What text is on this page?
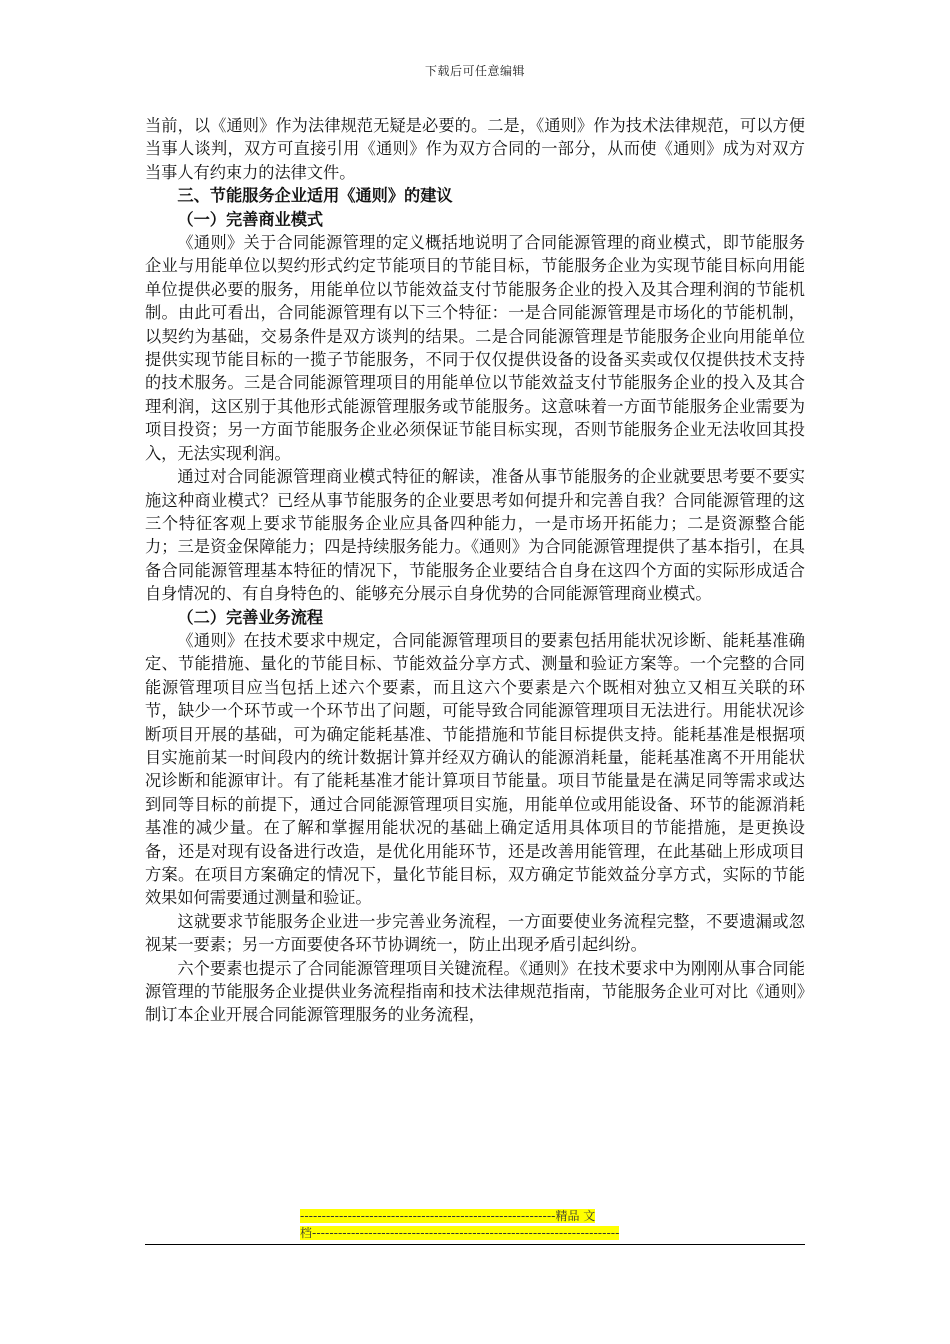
下载后可任意编辑

当前，以《通则》作为法律规范无疑是必要的。二是，《通则》作为技术法律规范，可以方便当事人谈判，双方可直接引用《通则》作为双方合同的一部分，从而使《通则》成为对双方当事人有约束力的法律文件。

三、节能服务企业适用《通则》的建议

（一）完善商业模式

《通则》关于合同能源管理的定义概括地说明了合同能源管理的商业模式，即节能服务企业与用能单位以契约形式约定节能项目的节能目标，节能服务企业为实现节能目标向用能单位提供必要的服务，用能单位以节能效益支付节能服务企业的投入及其合理利润的节能机制。由此可看出，合同能源管理有以下三个特征：一是合同能源管理是市场化的节能机制，以契约为基础，交易条件是双方谈判的结果。二是合同能源管理是节能服务企业向用能单位提供实现节能目标的一揽子节能服务，不同于仅仅提供设备的设备买卖或仅仅提供技术支持的技术服务。三是合同能源管理项目的用能单位以节能效益支付节能服务企业的投入及其合理利润，这区别于其他形式能源管理服务或节能服务。这意味着一方面节能服务企业需要为项目投资；另一方面节能服务企业必须保证节能目标实现，否则节能服务企业无法收回其投入，无法实现利润。

通过对合同能源管理商业模式特征的解读，准备从事节能服务的企业就要思考要不要实施这种商业模式？已经从事节能服务的企业要思考如何提升和完善自我？合同能源管理的这三个特征客观上要求节能服务企业应具备四种能力，一是市场开拓能力；二是资源整合能力；三是资金保障能力；四是持续服务能力。《通则》为合同能源管理提供了基本指引，在具备合同能源管理基本特征的情况下，节能服务企业要结合自身在这四个方面的实际形成适合自身情况的、有自身特色的、能够充分展示自身优势的合同能源管理商业模式。

（二）完善业务流程

《通则》在技术要求中规定，合同能源管理项目的要素包括用能状况诊断、能耗基准确定、节能措施、量化的节能目标、节能效益分享方式、测量和验证方案等。一个完整的合同能源管理项目应当包括上述六个要素，而且这六个要素是六个既相对独立又相互关联的环节，缺少一个环节或一个环节出了问题，可能导致合同能源管理项目无法进行。用能状况诊断项目开展的基础，可为确定能耗基准、节能措施和节能目标提供支持。能耗基准是根据项目实施前某一时间段内的统计数据计算并经双方确认的能源消耗量，能耗基准离不开用能状况诊断和能源审计。有了能耗基准才能计算项目节能量。项目节能量是在满足同等需求或达到同等目标的前提下，通过合同能源管理项目实施，用能单位或用能设备、环节的能源消耗基准的减少量。在了解和掌握用能状况的基础上确定适用具体项目的节能措施，是更换设备，还是对现有设备进行改造，是优化用能环节，还是改善用能管理，在此基础上形成项目方案。在项目方案确定的情况下，量化节能目标，双方确定节能效益分享方式，实际的节能效果如何需要通过测量和验证。

这就要求节能服务企业进一步完善业务流程，一方面要使业务流程完整，不要遗漏或忽视某一要素；另一方面要使各环节协调统一，防止出现矛盾引起纠纷。

六个要素也提示了合同能源管理项目关键流程。《通则》在技术要求中为刚刚从事合同能源管理的节能服务企业提供业务流程指南和技术法律规范指南，节能服务企业可对比《通则》制订本企业开展合同能源管理服务的业务流程，

-----------------------------------------------------------精品 文
档-----------------------------------------------------------------------
